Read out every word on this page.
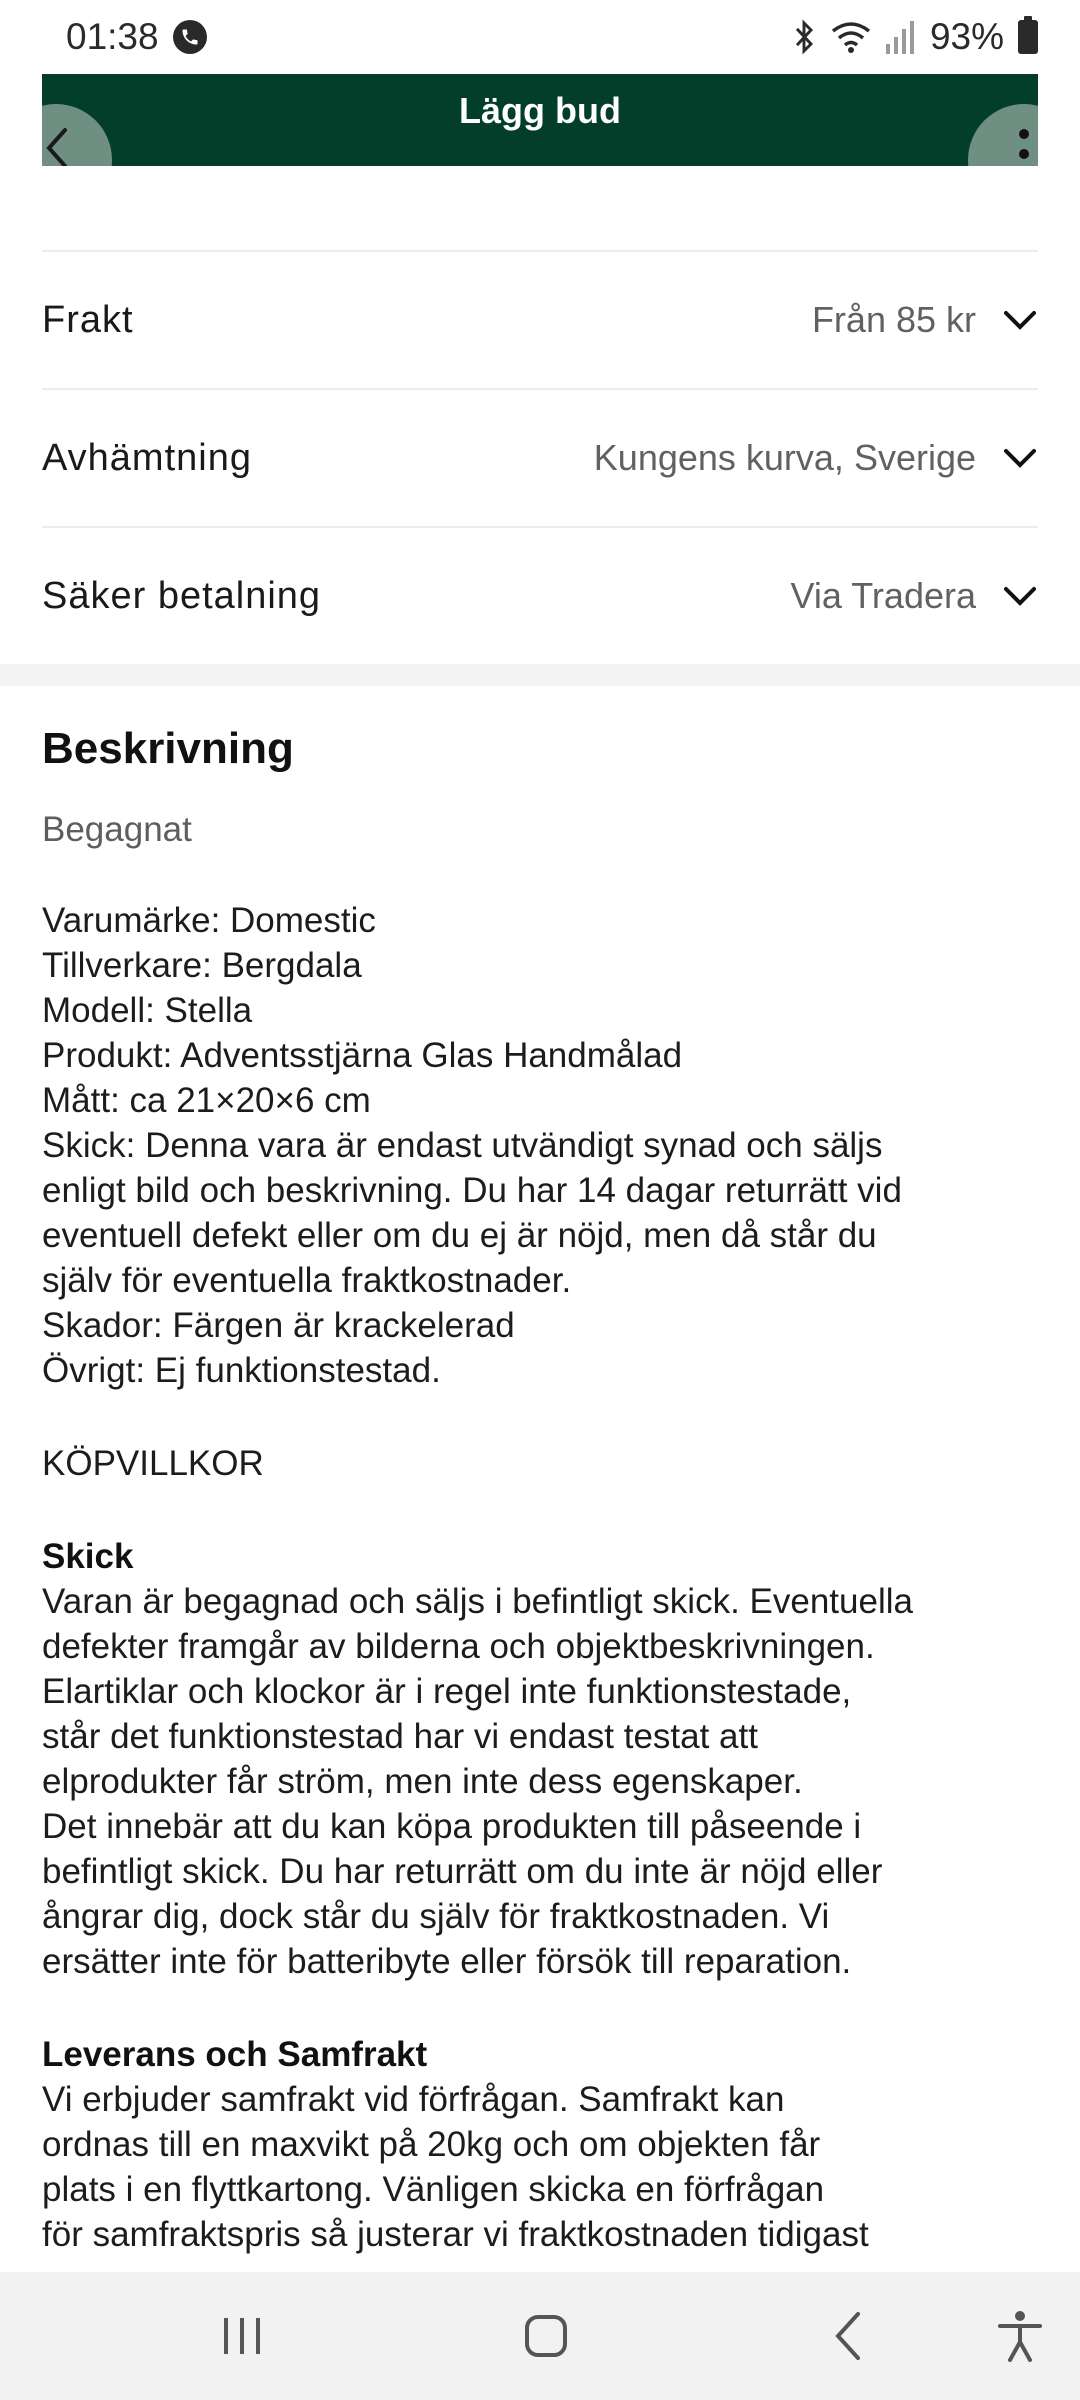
01:38	93%
Lägg bud
Frakt	Från 85 kr
Avhämtning	Kungens kurva, Sverige
Säker betalning	Via Tradera
Beskrivning
Begagnat
Varumärke: Domestic
Tillverkare: Bergdala
Modell: Stella
Produkt: Adventsstjärna Glas Handmålad
Mått: ca 21×20×6 cm
Skick: Denna vara är endast utvändigt synad och säljs
enligt bild och beskrivning. Du har 14 dagar returrätt vid
eventuell defekt eller om du ej är nöjd, men då står du
själv för eventuella fraktkostnader.
Skador: Färgen är krackelerad
Övrigt: Ej funktionstestad.
KÖPVILLKOR
Skick
Varan är begagnad och säljs i befintligt skick. Eventuella
defekter framgår av bilderna och objektbeskrivningen.
Elartiklar och klockor är i regel inte funktionstestade,
står det funktionstestad har vi endast testat att
elprodukter får ström, men inte dess egenskaper.
Det innebär att du kan köpa produkten till påseende i
befintligt skick. Du har returrätt om du inte är nöjd eller
ångrar dig, dock står du själv för fraktkostnaden. Vi
ersätter inte för batteribyte eller försök till reparation.
Leverans och Samfrakt
Vi erbjuder samfrakt vid förfrågan. Samfrakt kan
ordnas till en maxvikt på 20kg och om objekten får
plats i en flyttkartong. Vänligen skicka en förfrågan
för samfraktspris så justerar vi fraktkostnaden tidigast
